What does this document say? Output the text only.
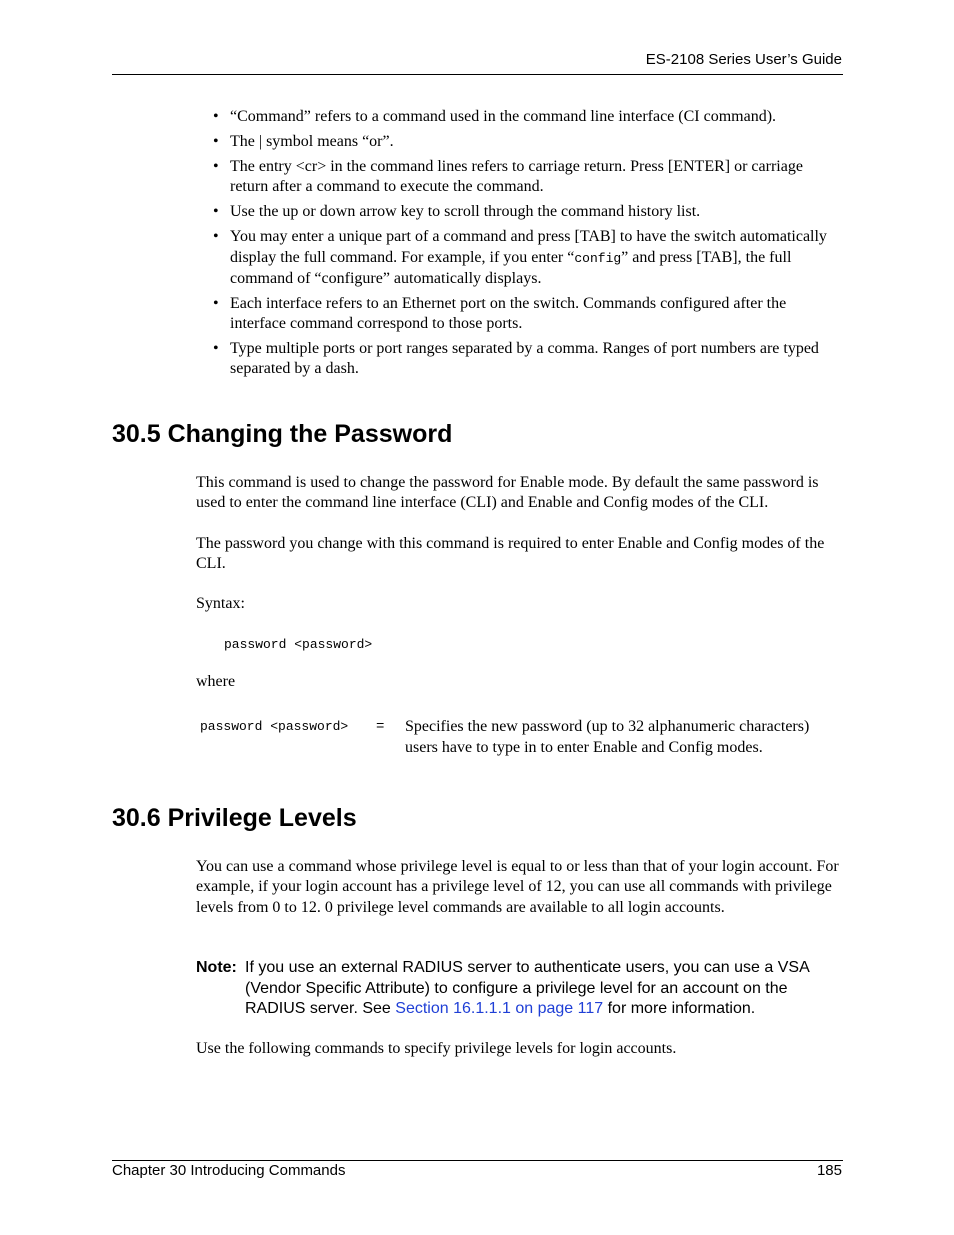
ES-2108 Series User’s Guide
• “Command” refers to a command used in the command line interface (CI command).
• The | symbol means “or”.
• The entry <cr> in the command lines refers to carriage return. Press [ENTER] or carriage return after a command to execute the command.
• Use the up or down arrow key to scroll through the command history list.
• You may enter a unique part of a command and press [TAB] to have the switch automatically display the full command. For example, if you enter “config” and press [TAB], the full command of “configure” automatically displays.
• Each interface refers to an Ethernet port on the switch. Commands configured after the interface command correspond to those ports.
• Type multiple ports or port ranges separated by a comma. Ranges of port numbers are typed separated by a dash.
30.5 Changing the Password

This command is used to change the password for Enable mode. By default the same password is used to enter the command line interface (CLI) and Enable and Config modes of the CLI.

The password you change with this command is required to enter Enable and Config modes of the CLI.

Syntax:

password <password>

where

password <password> = Specifies the new password (up to 32 alphanumeric characters) users have to type in to enter Enable and Config modes.
30.6 Privilege Levels

You can use a command whose privilege level is equal to or less than that of your login account. For example, if your login account has a privilege level of 12, you can use all commands with privilege levels from 0 to 12. 0 privilege level commands are available to all login accounts.

Note: If you use an external RADIUS server to authenticate users, you can use a VSA (Vendor Specific Attribute) to configure a privilege level for an account on the RADIUS server. See Section 16.1.1.1 on page 117 for more information.

Use the following commands to specify privilege levels for login accounts.

Chapter 30 Introducing Commands	185
